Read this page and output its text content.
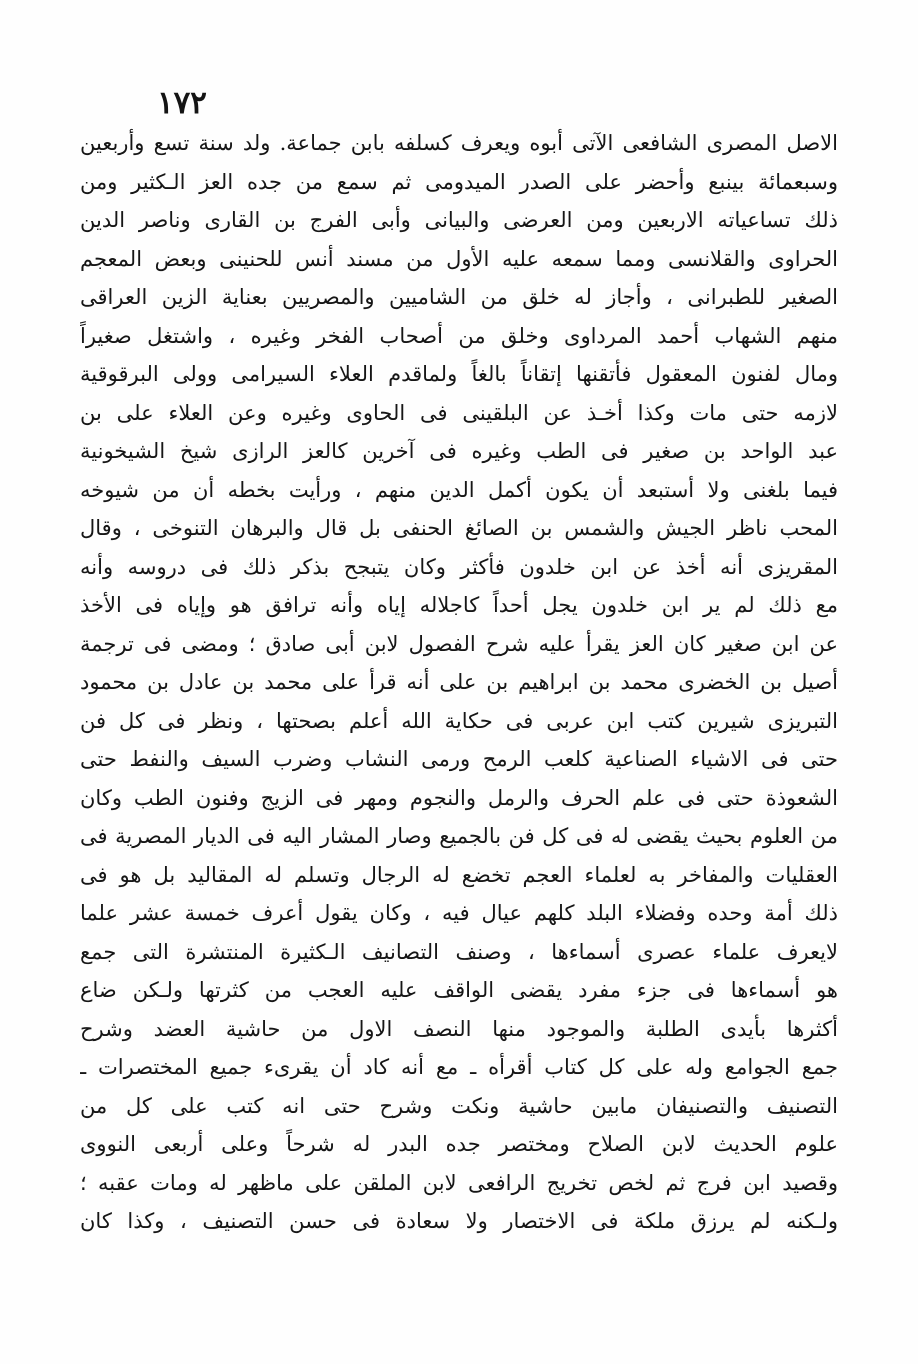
١٧٢
الاصل المصرى الشافعى الآتى أبوه ويعرف كسلفه بابن جماعة. ولد سنة تسع وأربعين
وسبعمائة بينبع وأحضر على الصدر الميدومى ثم سمع من جده العز الـكثير ومن
ذلك تساعياته الاربعين ومن العرضى والبيانى وأبى الفرج بن القارى وناصر الدين
الحراوى والقلانسى ومما سمعه عليه الأول من مسند أنس للحنينى وبعض المعجم
الصغير للطبرانى ، وأجاز له خلق من الشاميين والمصريين بعناية الزين العراقى
منهم الشهاب أحمد المرداوى وخلق من أصحاب الفخر وغيره ، واشتغل صغيراً
ومال لفنون المعقول فأتقنها إتقاناً بالغاً ولماقدم العلاء السيرامى وولى البرقوقية
لازمه حتى مات وكذا أخـذ عن البلقينى فى الحاوى وغيره وعن العلاء على بن
عبد الواحد بن صغير فى الطب وغيره فى آخرين كالعز الرازى شيخ الشيخونية
فيما بلغنى ولا أستبعد أن يكون أكمل الدين منهم ، ورأيت بخطه أن من شيوخه
المحب ناظر الجيش والشمس بن الصائغ الحنفى بل قال والبرهان التنوخى ، وقال
المقريزى أنه أخذ عن ابن خلدون فأكثر وكان يتبجح بذكر ذلك فى دروسه وأنه
مع ذلك لم ير ابن خلدون يجل أحداً كاجلاله إياه وأنه ترافق هو وإياه فى الأخذ
عن ابن صغير كان العز يقرأ عليه شرح الفصول لابن أبى صادق ؛ ومضى فى ترجمة
أصيل بن الخضرى محمد بن ابراهيم بن على أنه قرأ على محمد بن عادل بن محمود
التبريزى شيرين كتب ابن عربى فى حكاية الله أعلم بصحتها ، ونظر فى كل فن
حتى فى الاشياء الصناعية كلعب الرمح ورمى النشاب وضرب السيف والنفط حتى
الشعوذة حتى فى علم الحرف والرمل والنجوم ومهر فى الزيج وفنون الطب وكان
من العلوم بحيث يقضى له فى كل فن بالجميع وصار المشار اليه فى الديار المصرية فى
العقليات والمفاخر به لعلماء العجم تخضع له الرجال وتسلم له المقاليد بل هو فى
ذلك أمة وحده وفضلاء البلد كلهم عيال فيه ، وكان يقول أعرف خمسة عشر علما
لايعرف علماء عصرى أسماءها ، وصنف التصانيف الـكثيرة المنتشرة التى جمع
هو أسماءها فى جزء مفرد يقضى الواقف عليه العجب من كثرتها ولـكن ضاع
أكثرها بأيدى الطلبة والموجود منها النصف الاول من حاشية العضد وشرح
جمع الجوامع وله على كل كتاب أقرأه ـ مع أنه كاد أن يقرىء جميع المختصرات ـ
التصنيف والتصنيفان مابين حاشية ونكت وشرح حتى انه كتب على كل من
علوم الحديث لابن الصلاح ومختصر جده البدر له شرحاً وعلى أربعى النووى
وقصيد ابن فرج ثم لخص تخريج الرافعى لابن الملقن على ماظهر له ومات عقبه ؛
ولـكنه لم يرزق ملكة فى الاختصار ولا سعادة فى حسن التصنيف ، وكذا كان
